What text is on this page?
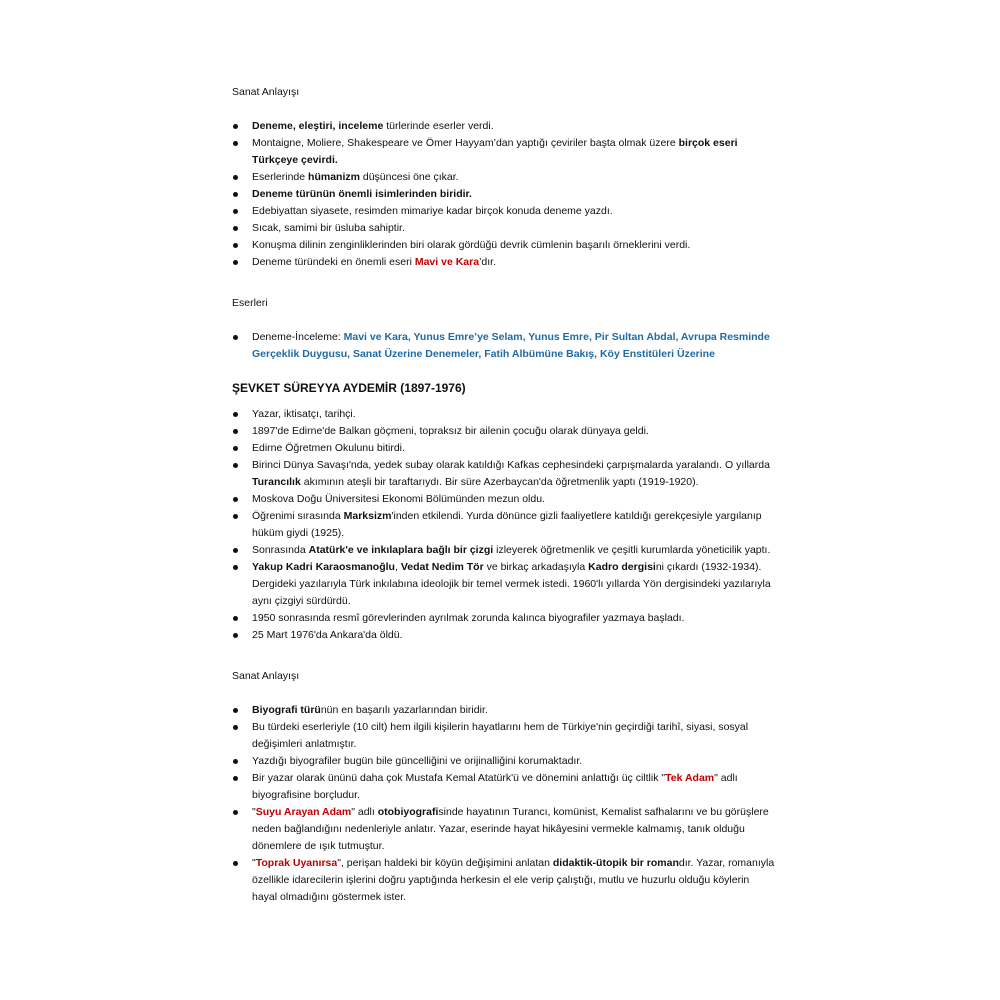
Sanat Anlayışı

Deneme, eleştiri, inceleme türlerinde eserler verdi.
Montaigne, Moliere, Shakespeare ve Ömer Hayyam’dan yaptığı çeviriler başta olmak üzere birçok eseri Türkçeye çevirdi.
Eserlerinde hümanizm düşüncesi öne çıkar.
Deneme türünün önemli isimlerinden biridir.
Edebiyattan siyasete, resimden mimariye kadar birçok konuda deneme yazdı.
Sıcak, samimi bir üsluba sahiptir.
Konuşma dilinin zenginliklerinden biri olarak gördüğü devrik cümlenin başarılı örneklerini verdi.
Deneme türündeki en önemli eseri Mavi ve Kara’dır.

Eserleri

Deneme-İnceleme: Mavi ve Kara, Yunus Emre’ye Selam, Yunus Emre, Pir Sultan Abdal, Avrupa Resminde Gerçeklik Duygusu, Sanat Üzerine Denemeler, Fatih Albümüne Bakış, Köy Enstitüleri Üzerine

ŞEVKET SÜREYYA AYDEMİR (1897-1976)

Yazar, iktisatçı, tarihçi.
1897'de Edirne'de Balkan göçmeni, topraksız bir ailenin çocuğu olarak dünyaya geldi.
Edirne Öğretmen Okulunu bitirdi.
Birinci Dünya Savaşı'nda, yedek subay olarak katıldığı Kafkas cephesindeki çarpışmalarda yaralandı. O yıllarda Turancılık akımının ateşli bir taraftarıydı. Bir süre Azerbaycan'da öğretmenlik yaptı (1919-1920).
Moskova Doğu Üniversitesi Ekonomi Bölümünden mezun oldu.
Öğrenimi sırasında Marksizm'inden etkilendi. Yurda dönünce gizli faaliyetlere katıldığı gerekçesiyle yargılanıp hüküm giydi (1925).
Sonrasında Atatürk'e ve inkılaplara bağlı bir çizgi izleyerek öğretmenlik ve çeşitli kurumlarda yöneticilik yaptı.
Yakup Kadri Karaosmanoğlu, Vedat Nedim Tör ve birkaç arkadaşıyla Kadro dergisini çıkardı (1932-1934). Dergideki yazılarıyla Türk inkılabına ideolojik bir temel vermek istedi. 1960'lı yıllarda Yön dergisindeki yazılarıyla aynı çizgiyi sürdürdü.
1950 sonrasında resmî görevlerinden ayrılmak zorunda kalınca biyografiler yazmaya başladı.
25 Mart 1976'da Ankara'da öldü.

Sanat Anlayışı

Biyografi türünün en başarılı yazarlarından biridir.
Bu türdeki eserleriyle (10 cilt) hem ilgili kişilerin hayatlarını hem de Türkiye'nin geçirdiği tarihî, siyasi, sosyal değişimleri anlatmıştır.
Yazdığı biyografiler bugün bile güncelliğini ve orijinalliğini korumaktadır.
Bir yazar olarak ününü daha çok Mustafa Kemal Atatürk'ü ve dönemini anlattığı üç ciltlik "Tek Adam" adlı biyografisine borçludur.
"Suyu Arayan Adam" adlı otobiyografisinde hayatının Turancı, komünist, Kemalist safhalarını ve bu görüşlere neden bağlandığını nedenleriyle anlatır. Yazar, eserinde hayat hikâyesini vermekle kalmamış, tanık olduğu dönemlere de ışık tutmuştur.
"Toprak Uyanırsa", perişan haldeki bir köyün değişimini anlatan didaktik-ütopik bir romandır. Yazar, romanıyla özellikle idarecilerin işlerini doğru yaptığında herkesin el ele verip çalıştığı, mutlu ve huzurlu olduğu köylerin hayal olmadığını göstermek ister.
